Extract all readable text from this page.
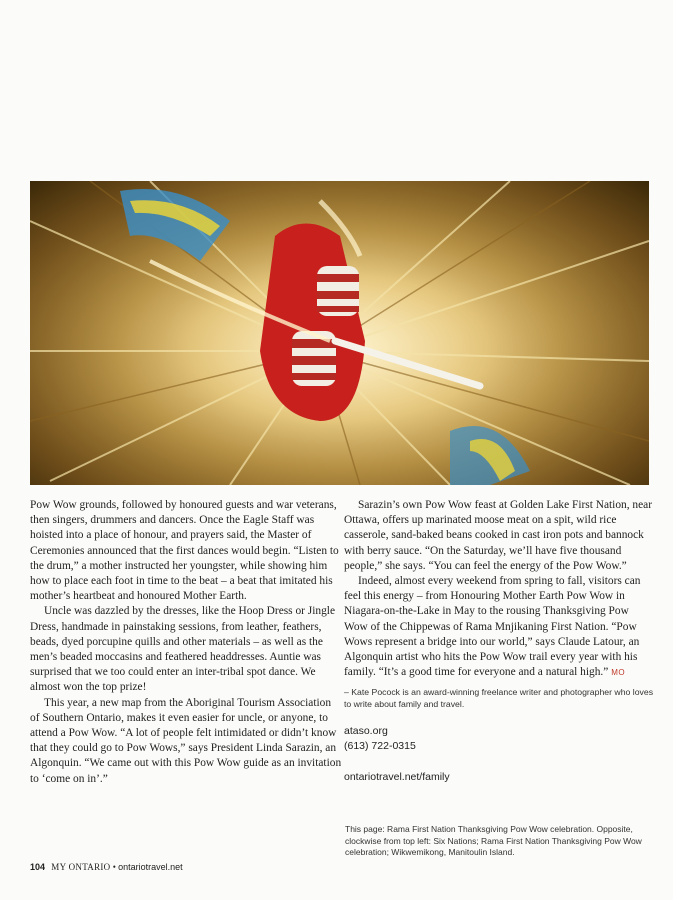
Pow Wow grounds, followed by honoured guests and war veterans, then singers, drummers and dancers. Once the Eagle Staff was hoisted into a place of honour, and prayers said, the Master of Ceremonies announced that the first dances would begin. “Listen to the drum,” a mother instructed her youngster, while showing him how to place each foot in time to the beat – a beat that imitated his mother’s heartbeat and honoured Mother Earth.

Uncle was dazzled by the dresses, like the Hoop Dress or Jingle Dress, handmade in painstaking sessions, from leather, feathers, beads, dyed porcupine quills and other materials – as well as the men’s beaded moccasins and feathered headdresses. Auntie was surprised that we too could enter an inter-tribal spot dance. We almost won the top prize!

This year, a new map from the Aboriginal Tourism Association of Southern Ontario, makes it even easier for uncle, or anyone, to attend a Pow Wow. “A lot of people felt intimidated or didn’t know that they could go to Pow Wows,” says President Linda Sarazin, an Algonquin. “We came out with this Pow Wow guide as an invitation to ‘come on in’.”

Sarazin’s own Pow Wow feast at Golden Lake First Nation, near Ottawa, offers up marinated moose meat on a spit, wild rice casserole, sand-baked beans cooked in cast iron pots and bannock with berry sauce. “On the Saturday, we’ll have five thousand people,” she says. “You can feel the energy of the Pow Wow.”

Indeed, almost every weekend from spring to fall, visitors can feel this energy – from Honouring Mother Earth Pow Wow in Niagara-on-the-Lake in May to the rousing Thanksgiving Pow Wow of the Chippewas of Rama Mnjikaning First Nation. “Pow Wows represent a bridge into our world,” says Claude Latour, an Algonquin artist who hits the Pow Wow trail every year with his family. “It’s a good time for everyone and a natural high.” MO

– Kate Pocock is an award-winning freelance writer and photographer who loves to write about family and travel.
ataso.org
(613) 722-0315
ontariotravel.net/family
This page: Rama First Nation Thanksgiving Pow Wow celebration. Opposite, clockwise from top left: Six Nations; Rama First Nation Thanksgiving Pow Wow celebration; Wikwemikong, Manitoulin Island.
104 MY ONTARIO • ontariotravel.net
